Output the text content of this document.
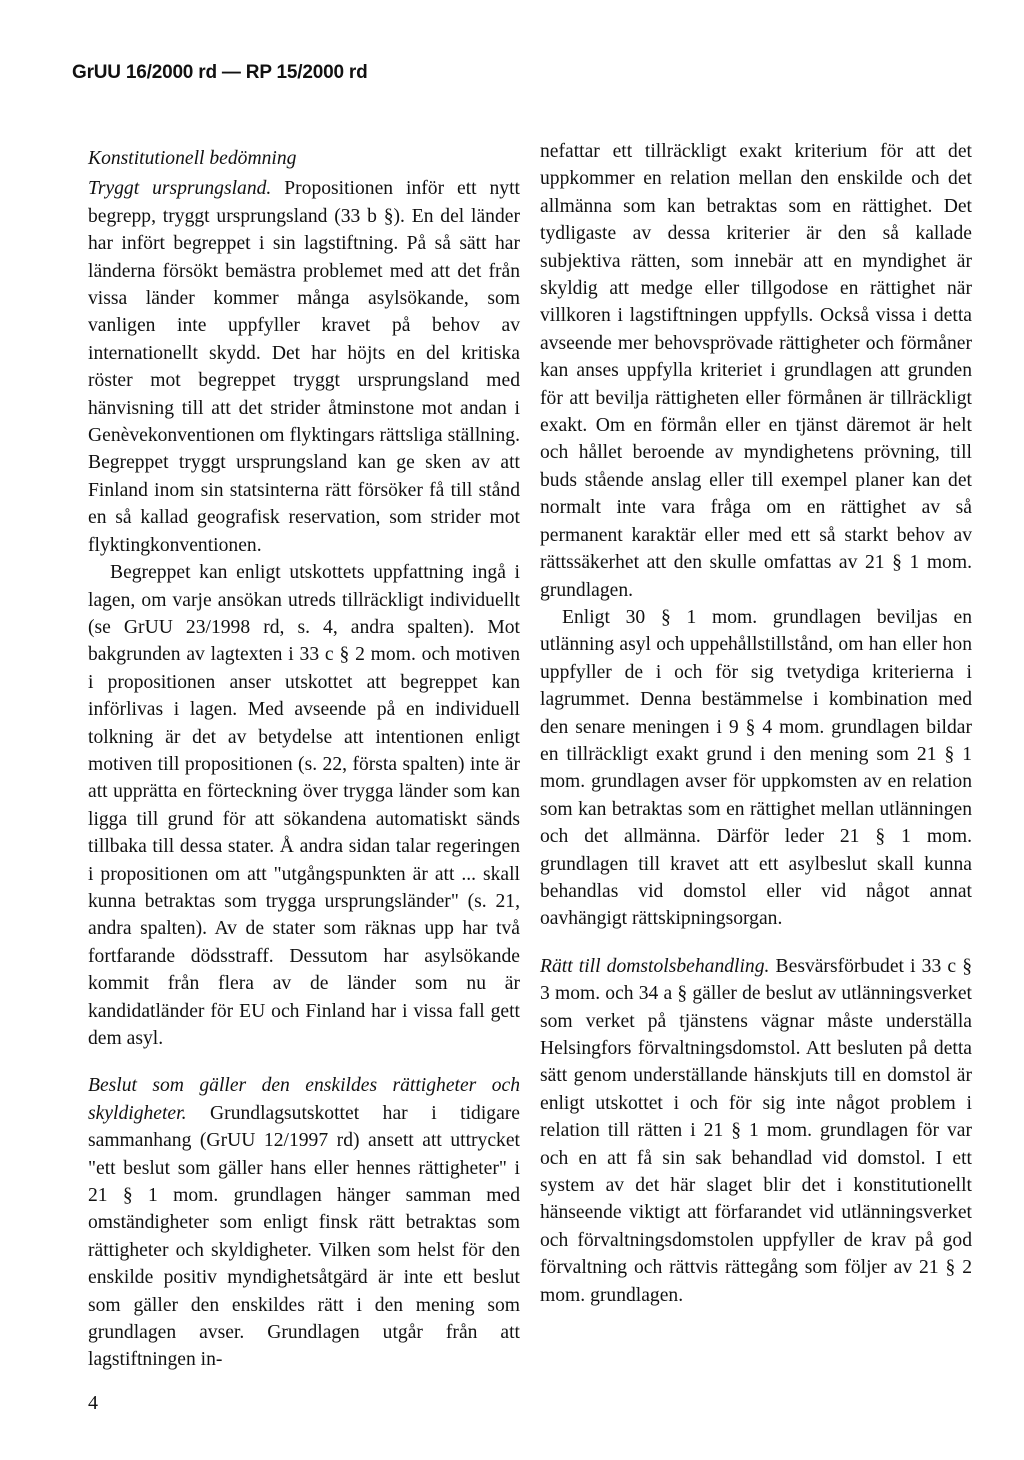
GrUU 16/2000 rd — RP 15/2000 rd
Konstitutionell bedömning

Tryggt ursprungsland. Propositionen inför ett nytt begrepp, tryggt ursprungsland (33 b §). En del länder har infört begreppet i sin lagstiftning. På så sätt har länderna försökt bemästra problemet med att det från vissa länder kommer många asylsökande, som vanligen inte uppfyller kravet på behov av internationellt skydd. Det har höjts en del kritiska röster mot begreppet tryggt ursprungsland med hänvisning till att det strider åtminstone mot andan i Genèvekonventionen om flyktingars rättsliga ställning. Begreppet tryggt ursprungsland kan ge sken av att Finland inom sin statsinterna rätt försöker få till stånd en så kallad geografisk reservation, som strider mot flyktingkonventionen.

Begreppet kan enligt utskottets uppfattning ingå i lagen, om varje ansökan utreds tillräckligt individuellt (se GrUU 23/1998 rd, s. 4, andra spalten). Mot bakgrunden av lagtexten i 33 c § 2 mom. och motiven i propositionen anser utskottet att begreppet kan införlivas i lagen. Med avseende på en individuell tolkning är det av betydelse att intentionen enligt motiven till propositionen (s. 22, första spalten) inte är att upprätta en förteckning över trygga länder som kan ligga till grund för att sökandena automatiskt sänds tillbaka till dessa stater. Å andra sidan talar regeringen i propositionen om att "utgångspunkten är att ... skall kunna betraktas som trygga ursprungsländer" (s. 21, andra spalten). Av de stater som räknas upp har två fortfarande dödsstraff. Dessutom har asylsökande kommit från flera av de länder som nu är kandidatländer för EU och Finland har i vissa fall gett dem asyl.

Beslut som gäller den enskildes rättigheter och skyldigheter. Grundlagsutskottet har i tidigare sammanhang (GrUU 12/1997 rd) ansett att uttrycket "ett beslut som gäller hans eller hennes rättigheter" i 21 § 1 mom. grundlagen hänger samman med omständigheter som enligt finsk rätt betraktas som rättigheter och skyldigheter. Vilken som helst för den enskilde positiv myndighetsåtgärd är inte ett beslut som gäller den enskildes rätt i den mening som grundlagen avser. Grundlagen utgår från att lagstiftningen in-

nefattar ett tillräckligt exakt kriterium för att det uppkommer en relation mellan den enskilde och det allmänna som kan betraktas som en rättighet. Det tydligaste av dessa kriterier är den så kallade subjektiva rätten, som innebär att en myndighet är skyldig att medge eller tillgodose en rättighet när villkoren i lagstiftningen uppfylls. Också vissa i detta avseende mer behovsprövade rättigheter och förmåner kan anses uppfylla kriteriet i grundlagen att grunden för att bevilja rättigheten eller förmånen är tillräckligt exakt. Om en förmån eller en tjänst däremot är helt och hållet beroende av myndighetens prövning, till buds stående anslag eller till exempel planer kan det normalt inte vara fråga om en rättighet av så permanent karaktär eller med ett så starkt behov av rättssäkerhet att den skulle omfattas av 21 § 1 mom. grundlagen.

Enligt 30 § 1 mom. grundlagen beviljas en utlänning asyl och uppehållstillstånd, om han eller hon uppfyller de i och för sig tvetydiga kriterierna i lagrummet. Denna bestämmelse i kombination med den senare meningen i 9 § 4 mom. grundlagen bildar en tillräckligt exakt grund i den mening som 21 § 1 mom. grundlagen avser för uppkomsten av en relation som kan betraktas som en rättighet mellan utlänningen och det allmänna. Därför leder 21 § 1 mom. grundlagen till kravet att ett asylbeslut skall kunna behandlas vid domstol eller vid något annat oavhängigt rättskipningsorgan.

Rätt till domstolsbehandling. Besvärsförbudet i 33 c § 3 mom. och 34 a § gäller de beslut av utlänningsverket som verket på tjänstens vägnar måste underställa Helsingfors förvaltningsdomstol. Att besluten på detta sätt genom underställande hänskjuts till en domstol är enligt utskottet i och för sig inte något problem i relation till rätten i 21 § 1 mom. grundlagen för var och en att få sin sak behandlad vid domstol. I ett system av det här slaget blir det i konstitutionellt hänseende viktigt att förfarandet vid utlänningsverket och förvaltningsdomstolen uppfyller de krav på god förvaltning och rättvis rättegång som följer av 21 § 2 mom. grundlagen.

4
